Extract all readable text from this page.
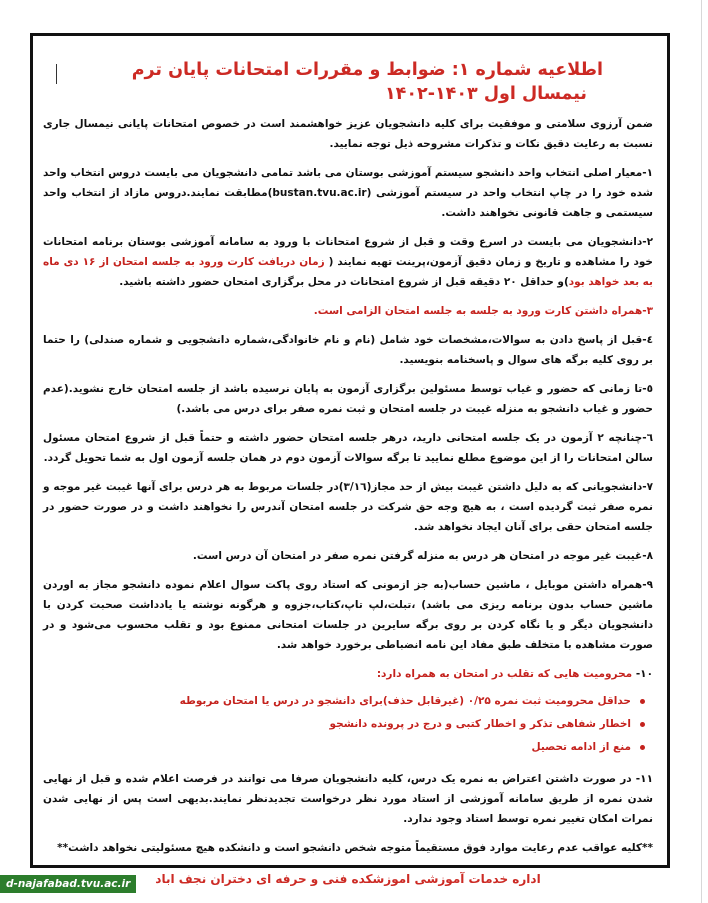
اطلاعیه شماره ۱: ضوابط و مقررات امتحانات پایان ترم
نیمسال اول ۱۴۰۳-۱۴۰۲

ضمن آرزوی سلامتی و موفقیت برای کلیه دانشجویان عزیز خواهشمند است در خصوص امتحانات پایانی نیمسال جاری نسبت به رعایت دقیق نکات و تذکرات مشروحه ذیل توجه نمایید.

۱-معیار اصلی انتخاب واحد دانشجو سیستم آموزشی بوستان می باشد تمامی دانشجویان می بایست دروس انتخاب واحد شده خود را در چاپ انتخاب واحد در سیستم آموزشی (bustan.tvu.ac.ir)مطابقت نمایند.دروس مازاد از انتخاب واحد سیستمی و جاهت قانونی نخواهند داشت.

۲-دانشجویان می بایست در اسرع وقت و قبل از شروع امتحانات با ورود به سامانه آموزشی بوستان برنامه امتحانات خود را مشاهده و تاریخ و زمان دقیق آزمون،پرینت تهیه نمایند ( زمان دریافت کارت ورود به جلسه امتحان از ۱۶ دی ماه به بعد خواهد بود)و حداقل ۲۰ دقیقه قبل از شروع امتحانات در محل برگزاری امتحان حضور داشته باشید.

۳-همراه داشتن کارت ورود به جلسه به جلسه امتحان الزامی است.

٤-قبل از پاسخ دادن به سوالات،مشخصات خود شامل (نام و نام خانوادگی،شماره دانشجویی و شماره صندلی) را حتما بر روی کلیه برگه های سوال و پاسخنامه بنویسید.

٥-تا زمانی که حضور و غیاب توسط مسئولین برگزاری آزمون به پایان نرسیده باشد از جلسه امتحان خارج نشوید.(عدم حضور و غیاب دانشجو به منزله غیبت در جلسه امتحان و ثبت نمره صفر برای درس می باشد.)

٦-چنانچه ۲ آزمون در یک جلسه امتحانی دارید، درهر جلسه امتحان حضور داشته و حتماً قبل از شروع امتحان مسئول سالن امتحانات را از این موضوع مطلع نمایید تا برگه سوالات آزمون دوم در همان جلسه آزمون اول به شما تحویل گردد.

۷-دانشجویانی که به دلیل داشتن غیبت بیش از حد مجاز(۳/۱٦)در جلسات مربوط به هر درس برای آنها غیبت غیر موجه و نمره صفر ثبت گردیده است ، به هیچ وجه حق شرکت در جلسه امتحان آندرس را نخواهند داشت و در صورت حضور در جلسه امتحان حقی برای آنان ایجاد نخواهد شد.

۸-غیبت غیر موجه در امتحان هر درس به منزله گرفتن نمره صفر در امتحان آن درس است.

۹-همراه داشتن موبایل ، ماشین حساب(به جز ازمونی که استاد روی پاکت سوال اعلام نموده دانشجو مجاز به اوردن ماشین حساب بدون برنامه ریزی می باشد) ،تبلت،لپ تاپ،کتاب،جزوه و هرگونه نوشته یا یادداشت صحبت کردن با دانشجویان دیگر و یا نگاه کردن بر روی برگه سایرین در جلسات امتحانی ممنوع بود و تقلب محسوب می‌شود و در صورت مشاهده با متخلف طبق مفاد این نامه انضباطی برخورد خواهد شد.

۱۰- محرومیت هایی که تقلب در امتحان به همراه دارد:
حداقل محرومیت ثبت نمره ۰/۲۵ (غیرقابل حذف)برای دانشجو در درس یا امتحان مربوطه
اخطار شفاهی تذکر و اخطار کتبی و درج در پرونده دانشجو
منع از ادامه تحصیل

۱۱- در صورت داشتن اعتراض به نمره یک درس، کلیه دانشجویان صرفا می توانند در فرصت اعلام شده و قبل از نهایی شدن نمره از طریق سامانه آموزشی از استاد مورد نظر درخواست تجدیدنظر نمایند.بدیهی است پس از نهایی شدن نمرات امکان تغییر نمره توسط استاد وجود ندارد.

**کلیه عواقب عدم رعایت موارد فوق مستقیماً متوجه شخص دانشجو است و دانشکده هیچ مسئولیتی نخواهد داشت**

اداره خدمات آموزشی اموزشکده فنی و حرفه ای دختران نجف اباد
d-najafabad.tvu.ac.ir
